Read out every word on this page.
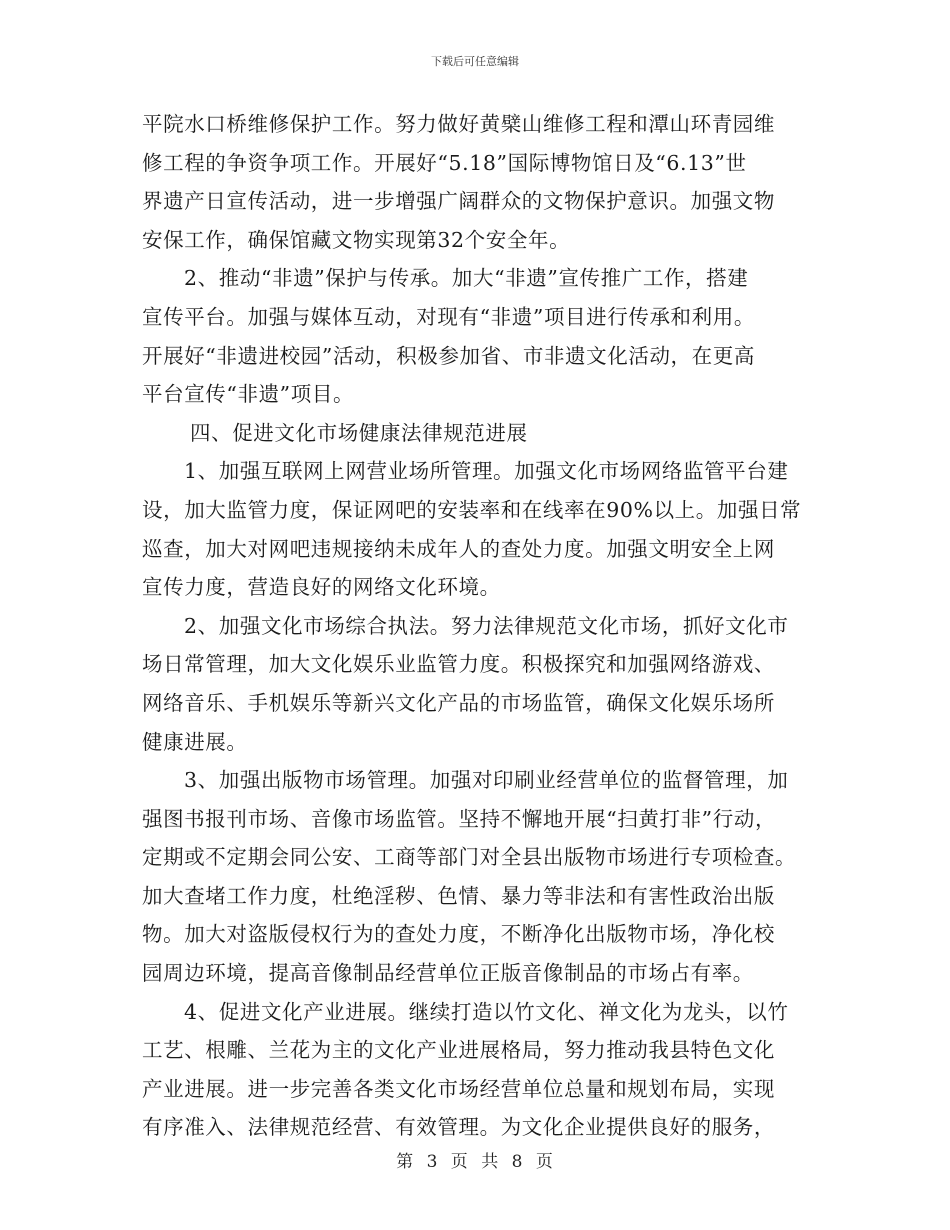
下载后可任意编辑
平院水口桥维修保护工作。努力做好黄檗山维修工程和潭山环青园维
修工程的争资争项工作。开展好“5.18”国际博物馆日及“6.13”世
界遗产日宣传活动，进一步增强广阔群众的文物保护意识。加强文物
安保工作，确保馆藏文物实现第32个安全年。
2、推动“非遗”保护与传承。加大“非遗”宣传推广工作，搭建
宣传平台。加强与媒体互动，对现有“非遗”项目进行传承和利用。
开展好“非遗进校园”活动，积极参加省、市非遗文化活动，在更高
平台宣传“非遗”项目。
四、促进文化市场健康法律规范进展
1、加强互联网上网营业场所管理。加强文化市场网络监管平台建
设，加大监管力度，保证网吧的安装率和在线率在90%以上。加强日常
巡查，加大对网吧违规接纳未成年人的查处力度。加强文明安全上网
宣传力度，营造良好的网络文化环境。
2、加强文化市场综合执法。努力法律规范文化市场，抓好文化市
场日常管理，加大文化娱乐业监管力度。积极探究和加强网络游戏、
网络音乐、手机娱乐等新兴文化产品的市场监管，确保文化娱乐场所
健康进展。
3、加强出版物市场管理。加强对印刷业经营单位的监督管理，加
强图书报刊市场、音像市场监管。坚持不懈地开展“扫黄打非”行动，
定期或不定期会同公安、工商等部门对全县出版物市场进行专项检查。
加大查堵工作力度，杜绝淫秽、色情、暴力等非法和有害性政治出版
物。加大对盗版侵权行为的查处力度，不断净化出版物市场，净化校
园周边环境，提高音像制品经营单位正版音像制品的市场占有率。
4、促进文化产业进展。继续打造以竹文化、禅文化为龙头，以竹
工艺、根雕、兰花为主的文化产业进展格局，努力推动我县特色文化
产业进展。进一步完善各类文化市场经营单位总量和规划布局，实现
有序准入、法律规范经营、有效管理。为文化企业提供良好的服务，
第 3 页 共 8 页
